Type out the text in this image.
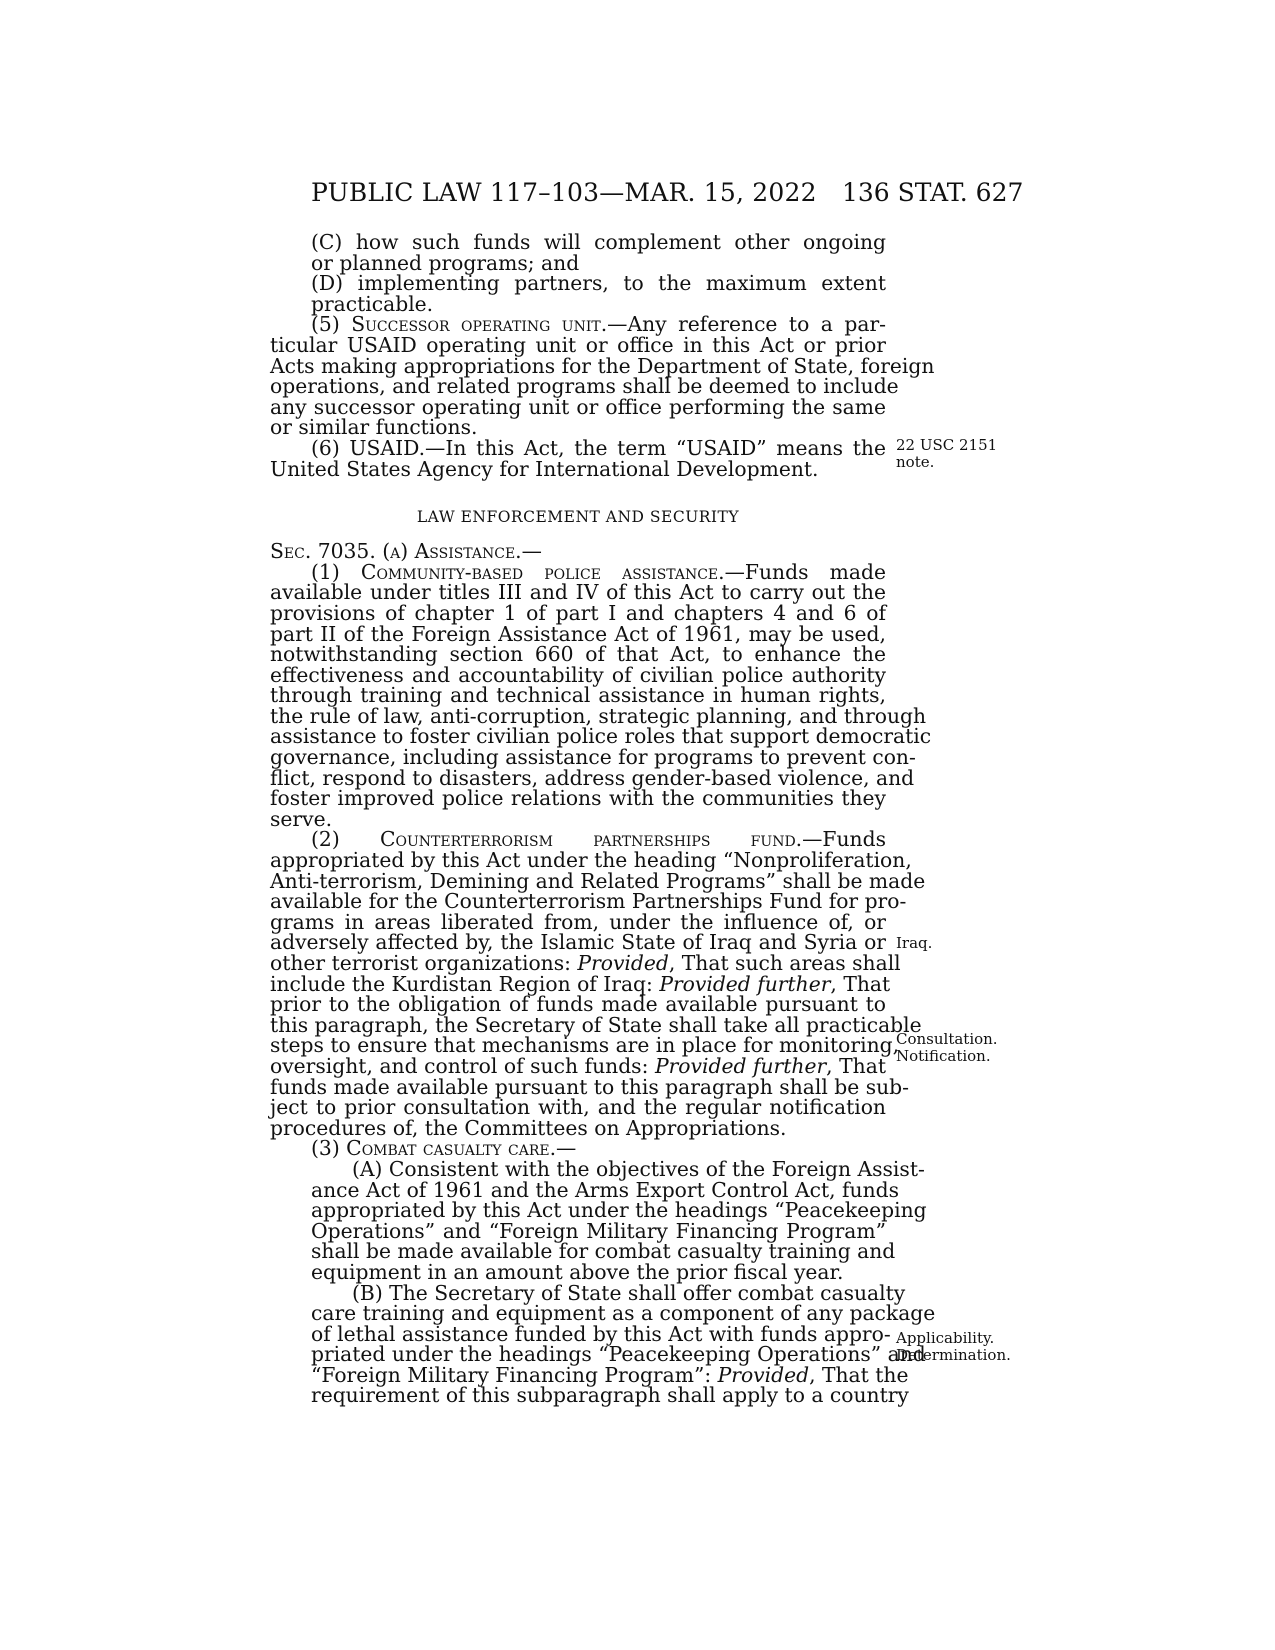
PUBLIC LAW 117–103—MAR. 15, 2022 136 STAT. 627
(C) how such funds will complement other ongoing
or planned programs; and
(D) implementing partners, to the maximum extent
practicable.
(5) Successor operating unit.—Any reference to a par-
ticular USAID operating unit or office in this Act or prior
Acts making appropriations for the Department of State, foreign
operations, and related programs shall be deemed to include
any successor operating unit or office performing the same
or similar functions.
(6) USAID.—In this Act, the term “USAID” means the
United States Agency for International Development.
LAW ENFORCEMENT AND SECURITY
Sec. 7035. (a) Assistance.—
(1) Community-based police assistance.—Funds made
available under titles III and IV of this Act to carry out the
provisions of chapter 1 of part I and chapters 4 and 6 of
part II of the Foreign Assistance Act of 1961, may be used,
notwithstanding section 660 of that Act, to enhance the
effectiveness and accountability of civilian police authority
through training and technical assistance in human rights,
the rule of law, anti-corruption, strategic planning, and through
assistance to foster civilian police roles that support democratic
governance, including assistance for programs to prevent con-
flict, respond to disasters, address gender-based violence, and
foster improved police relations with the communities they
serve.
(2) Counterterrorism partnerships fund.—Funds
appropriated by this Act under the heading “Nonproliferation,
Anti-terrorism, Demining and Related Programs” shall be made
available for the Counterterrorism Partnerships Fund for pro-
grams in areas liberated from, under the influence of, or
adversely affected by, the Islamic State of Iraq and Syria or
other terrorist organizations: Provided, That such areas shall
include the Kurdistan Region of Iraq: Provided further, That
prior to the obligation of funds made available pursuant to
this paragraph, the Secretary of State shall take all practicable
steps to ensure that mechanisms are in place for monitoring,
oversight, and control of such funds: Provided further, That
funds made available pursuant to this paragraph shall be sub-
ject to prior consultation with, and the regular notification
procedures of, the Committees on Appropriations.
(3) Combat casualty care.—
(A) Consistent with the objectives of the Foreign Assist-
ance Act of 1961 and the Arms Export Control Act, funds
appropriated by this Act under the headings “Peacekeeping
Operations” and “Foreign Military Financing Program”
shall be made available for combat casualty training and
equipment in an amount above the prior fiscal year.
(B) The Secretary of State shall offer combat casualty
care training and equipment as a component of any package
of lethal assistance funded by this Act with funds appro-
priated under the headings “Peacekeeping Operations” and
“Foreign Military Financing Program”: Provided, That the
requirement of this subparagraph shall apply to a country
22 USC 2151
note.
Iraq.
Consultation.
Notification.
Applicability.
Determination.
